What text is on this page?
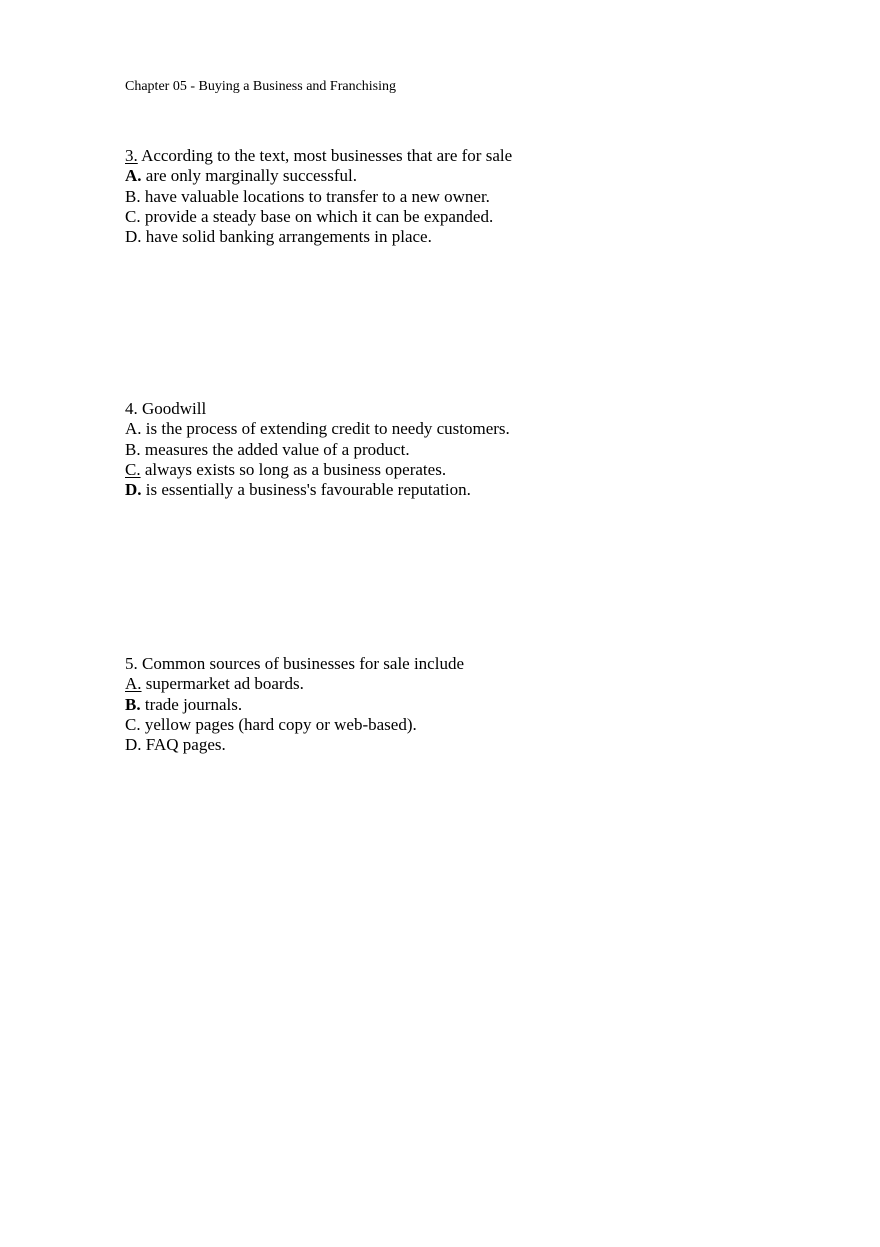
Chapter 05 - Buying a Business and Franchising
3. According to the text, most businesses that are for sale
A. are only marginally successful.
B. have valuable locations to transfer to a new owner.
C. provide a steady base on which it can be expanded.
D. have solid banking arrangements in place.
4. Goodwill
A. is the process of extending credit to needy customers.
B. measures the added value of a product.
C. always exists so long as a business operates.
D. is essentially a business's favourable reputation.
5. Common sources of businesses for sale include
A. supermarket ad boards.
B. trade journals.
C. yellow pages (hard copy or web-based).
D. FAQ pages.
